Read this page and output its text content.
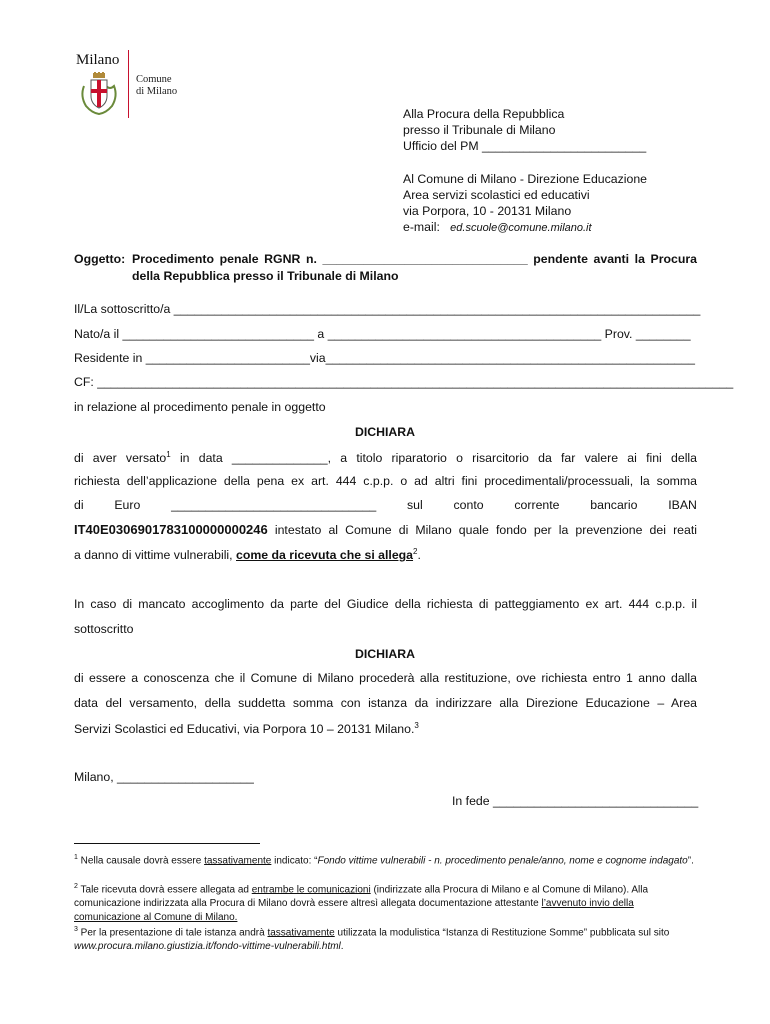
Milano
Comune
di Milano
Alla Procura della Repubblica
presso il Tribunale di Milano
Ufficio del PM ________________________
Al Comune di Milano - Direzione Educazione
Area servizi scolastici ed educativi
via Porpora, 10 - 20131 Milano
e-mail: ed.scuole@comune.milano.it
Oggetto: Procedimento penale RGNR n. ______________________________ pendente avanti la Procura
della Repubblica presso il Tribunale di Milano
Il/La sottoscritto/a _____________________________________________________________________________
Nato/a il ____________________________ a ________________________________________ Prov. ________
Residente in ________________________via______________________________________________________
CF: _____________________________________________________________________________________________
in relazione al procedimento penale in oggetto
DICHIARA
di aver versato$^1$ in data ______________, a titolo riparatorio o risarcitorio da far valere ai fini della
richiesta dell’applicazione della pena ex art. 444 c.p.p. o ad altri fini procedimentali/processuali, la somma
di	Euro	______________________________	sul	conto	corrente	bancario	IBAN
IT40E0306901783100000000246 intestato al Comune di Milano quale fondo per la prevenzione dei reati
a danno di vittime vulnerabili, come da ricevuta che si allega$^2$.
In caso di mancato accoglimento da parte del Giudice della richiesta di patteggiamento ex art. 444 c.p.p. il
sottoscritto
DICHIARA
di essere a conoscenza che il Comune di Milano procederà alla restituzione, ove richiesta entro 1 anno dalla
data del versamento, della suddetta somma con istanza da indirizzare alla Direzione Educazione – Area
Servizi Scolastici ed Educativi, via Porpora 10 – 20131 Milano.$^3$
Milano, ____________________
In fede ______________________________
$^1$ Nella causale dovrà essere tassativamente indicato: “Fondo vittime vulnerabili - n. procedimento penale/anno, nome e cognome indagato”.
$^2$ Tale ricevuta dovrà essere allegata ad entrambe le comunicazioni (indirizzate alla Procura di Milano e al Comune di Milano). Alla comunicazione indirizzata alla Procura di Milano dovrà essere altresì allegata documentazione attestante l’avvenuto invio della comunicazione al Comune di Milano.
$^3$ Per la presentazione di tale istanza andrà tassativamente utilizzata la modulistica “Istanza di Restituzione Somme” pubblicata sul sito www.procura.milano.giustizia.it/fondo-vittime-vulnerabili.html.
